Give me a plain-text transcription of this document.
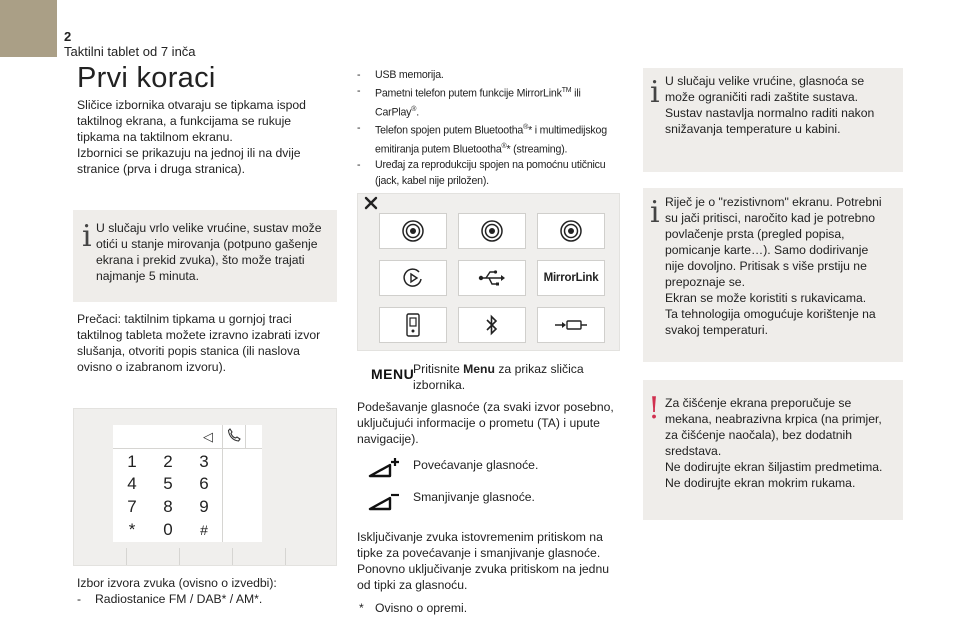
2
Taktilni tablet od 7 inča
Prvi koraci

Sličice izbornika otvaraju se tipkama ispod

taktilnog ekrana, a funkcijama se rukuje

tipkama na taktilnom ekranu.

Izbornici se prikazuju na jednoj ili na dvije

stranice (prva i druga stranica).

i U slučaju vrlo velike vrućine, sustav može

otići u stanje mirovanja (potpuno gašenje

ekrana i prekid zvuka), što može trajati

najmanje 5 minuta.

Prečaci: taktilnim tipkama u gornjoj traci

taktilnog tableta možete izravno izabrati izvor

slušanja, otvoriti popis stanica (ili naslova

ovisno o izabranom izvoru).

◁
1	2	3
4	5	6
7	8	9
*	0	#

Izbor izvora zvuka (ovisno o izvedbi):

- Radiostanice FM / DAB* / AM*.

- USB memorija.
- Pametni telefon putem funkcije MirrorLink™ ili
CarPlay®.
- Telefon spojen putem Bluetootha®* i multimedijskog
emitiranja putem Bluetootha®* (streaming).
- Uređaj za reprodukciju spojen na pomoćnu utičnicu
(jack, kabel nije priložen).
MirrorLink
MENU

Pritisnite Menu za prikaz sličica

izbornika.

Podešavanje glasnoće (za svaki izvor posebno,

uključujući informacije o prometu (TA) i upute

navigacije).

Povećavanje glasnoće.
Smanjivanje glasnoće.

Isključivanje zvuka istovremenim pritiskom na

tipke za povećavanje i smanjivanje glasnoće.

Ponovno uključivanje zvuka pritiskom na jednu

od tipki za glasnoću.

* Ovisno o opremi.
i U slučaju velike vrućine, glasnoća se

može ograničiti radi zaštite sustava.

Sustav nastavlja normalno raditi nakon

snižavanja temperature u kabini.

i Riječ je o "rezistivnom" ekranu. Potrebni

su jači pritisci, naročito kad je potrebno

povlačenje prsta (pregled popisa,

pomicanje karte…). Samo dodirivanje

nije dovoljno. Pritisak s više prstiju ne

prepoznaje se.

Ekran se može koristiti s rukavicama.

Ta tehnologija omogućuje korištenje na

svakoj temperaturi.

! Za čišćenje ekrana preporučuje se

mekana, neabrazivna krpica (na primjer,

za čišćenje naočala), bez dodatnih

sredstava.

Ne dodirujte ekran šiljastim predmetima.

Ne dodirujte ekran mokrim rukama.
